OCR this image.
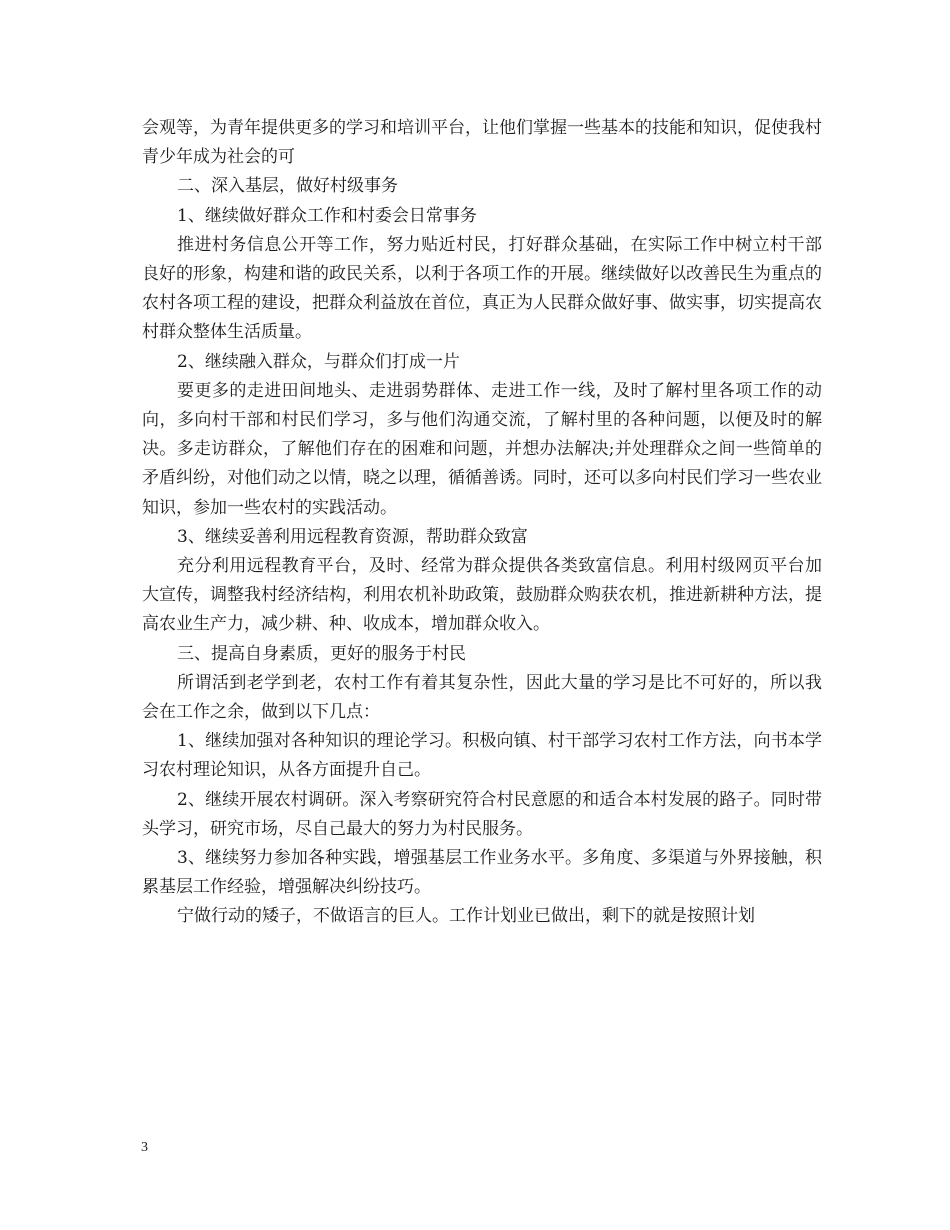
会观等，为青年提供更多的学习和培训平台，让他们掌握一些基本的技能和知识，促使我村青少年成为社会的可

二、深入基层，做好村级事务

1、继续做好群众工作和村委会日常事务

推进村务信息公开等工作，努力贴近村民，打好群众基础，在实际工作中树立村干部良好的形象，构建和谐的政民关系，以利于各项工作的开展。继续做好以改善民生为重点的农村各项工程的建设，把群众利益放在首位，真正为人民群众做好事、做实事，切实提高农村群众整体生活质量。

2、继续融入群众，与群众们打成一片

要更多的走进田间地头、走进弱势群体、走进工作一线，及时了解村里各项工作的动向，多向村干部和村民们学习，多与他们沟通交流，了解村里的各种问题，以便及时的解决。多走访群众，了解他们存在的困难和问题，并想办法解决;并处理群众之间一些简单的矛盾纠纷，对他们动之以情，晓之以理，循循善诱。同时，还可以多向村民们学习一些农业知识，参加一些农村的实践活动。

3、继续妥善利用远程教育资源，帮助群众致富

充分利用远程教育平台，及时、经常为群众提供各类致富信息。利用村级网页平台加大宣传，调整我村经济结构，利用农机补助政策，鼓励群众购获农机，推进新耕种方法，提高农业生产力，减少耕、种、收成本，增加群众收入。

三、提高自身素质，更好的服务于村民

所谓活到老学到老，农村工作有着其复杂性，因此大量的学习是比不可好的，所以我会在工作之余，做到以下几点：

1、继续加强对各种知识的理论学习。积极向镇、村干部学习农村工作方法，向书本学习农村理论知识，从各方面提升自己。

2、继续开展农村调研。深入考察研究符合村民意愿的和适合本村发展的路子。同时带头学习，研究市场，尽自己最大的努力为村民服务。

3、继续努力参加各种实践，增强基层工作业务水平。多角度、多渠道与外界接触，积累基层工作经验，增强解决纠纷技巧。

宁做行动的矮子，不做语言的巨人。工作计划业已做出，剩下的就是按照计划

3
